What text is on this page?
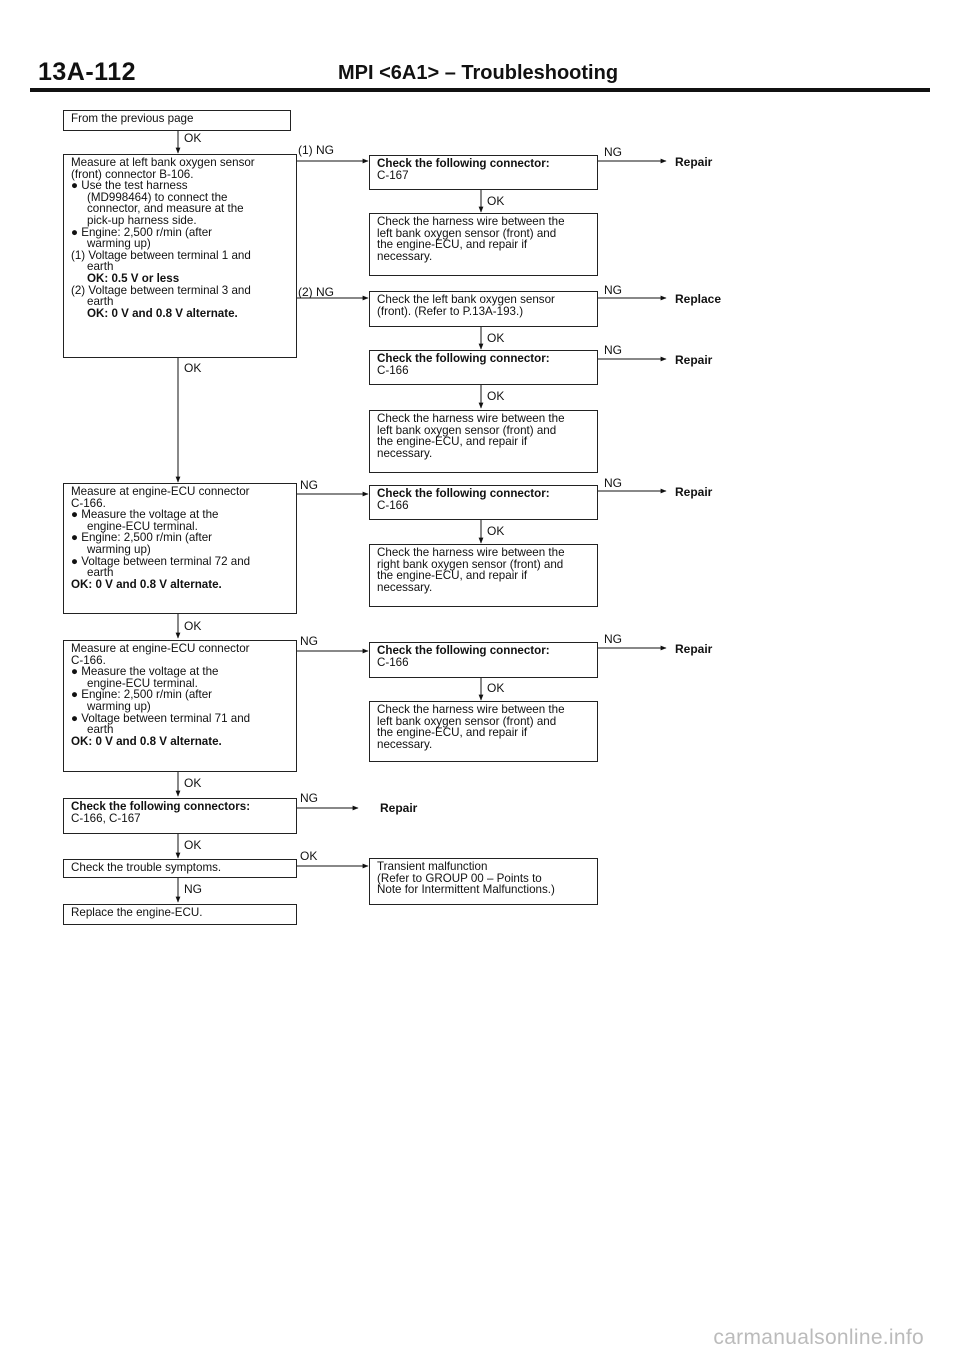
13A-112	MPI <6A1> – Troubleshooting
From the previous page
Measure at left bank oxygen sensor
(front) connector B-106.
● Use the test harness
(MD998464) to connect the
connector, and measure at the
pick-up harness side.
● Engine: 2,500 r/min (after
warming up)
(1) Voltage between terminal 1 and
earth
OK: 0.5 V or less
(2) Voltage between terminal 3 and
earth
OK: 0 V and 0.8 V alternate.
Measure at engine-ECU connector
C-166.
● Measure the voltage at the
engine-ECU terminal.
● Engine: 2,500 r/min (after
warming up)
● Voltage between terminal 72 and
earth
OK: 0 V and 0.8 V alternate.
Measure at engine-ECU connector
C-166.
● Measure the voltage at the
engine-ECU terminal.
● Engine: 2,500 r/min (after
warming up)
● Voltage between terminal 71 and
earth
OK: 0 V and 0.8 V alternate.
Check the following connectors:
C-166, C-167
Check the trouble symptoms.
Replace the engine-ECU.
Check the following connector:
C-167
Check the harness wire between the
left bank oxygen sensor (front) and
the engine-ECU, and repair if
necessary.
Check the left bank oxygen sensor
(front). (Refer to P.13A-193.)
Check the following connector:
C-166
Check the harness wire between the
left bank oxygen sensor (front) and
the engine-ECU, and repair if
necessary.
Check the following connector:
C-166
Check the harness wire between the
right bank oxygen sensor (front) and
the engine-ECU, and repair if
necessary.
Check the following connector:
C-166
Check the harness wire between the
left bank oxygen sensor (front) and
the engine-ECU, and repair if
necessary.
Transient malfunction
(Refer to GROUP 00 – Points to
Note for Intermittent Malfunctions.)
OK
OK
OK
OK
OK
NG
(1) NG
(2) NG
NG
NG
NG
OK
OK
OK
OK
OK
OK
NG
NG
NG
NG
NG
Repair
Replace
Repair
Repair
Repair
Repair
carmanualsonline.info
